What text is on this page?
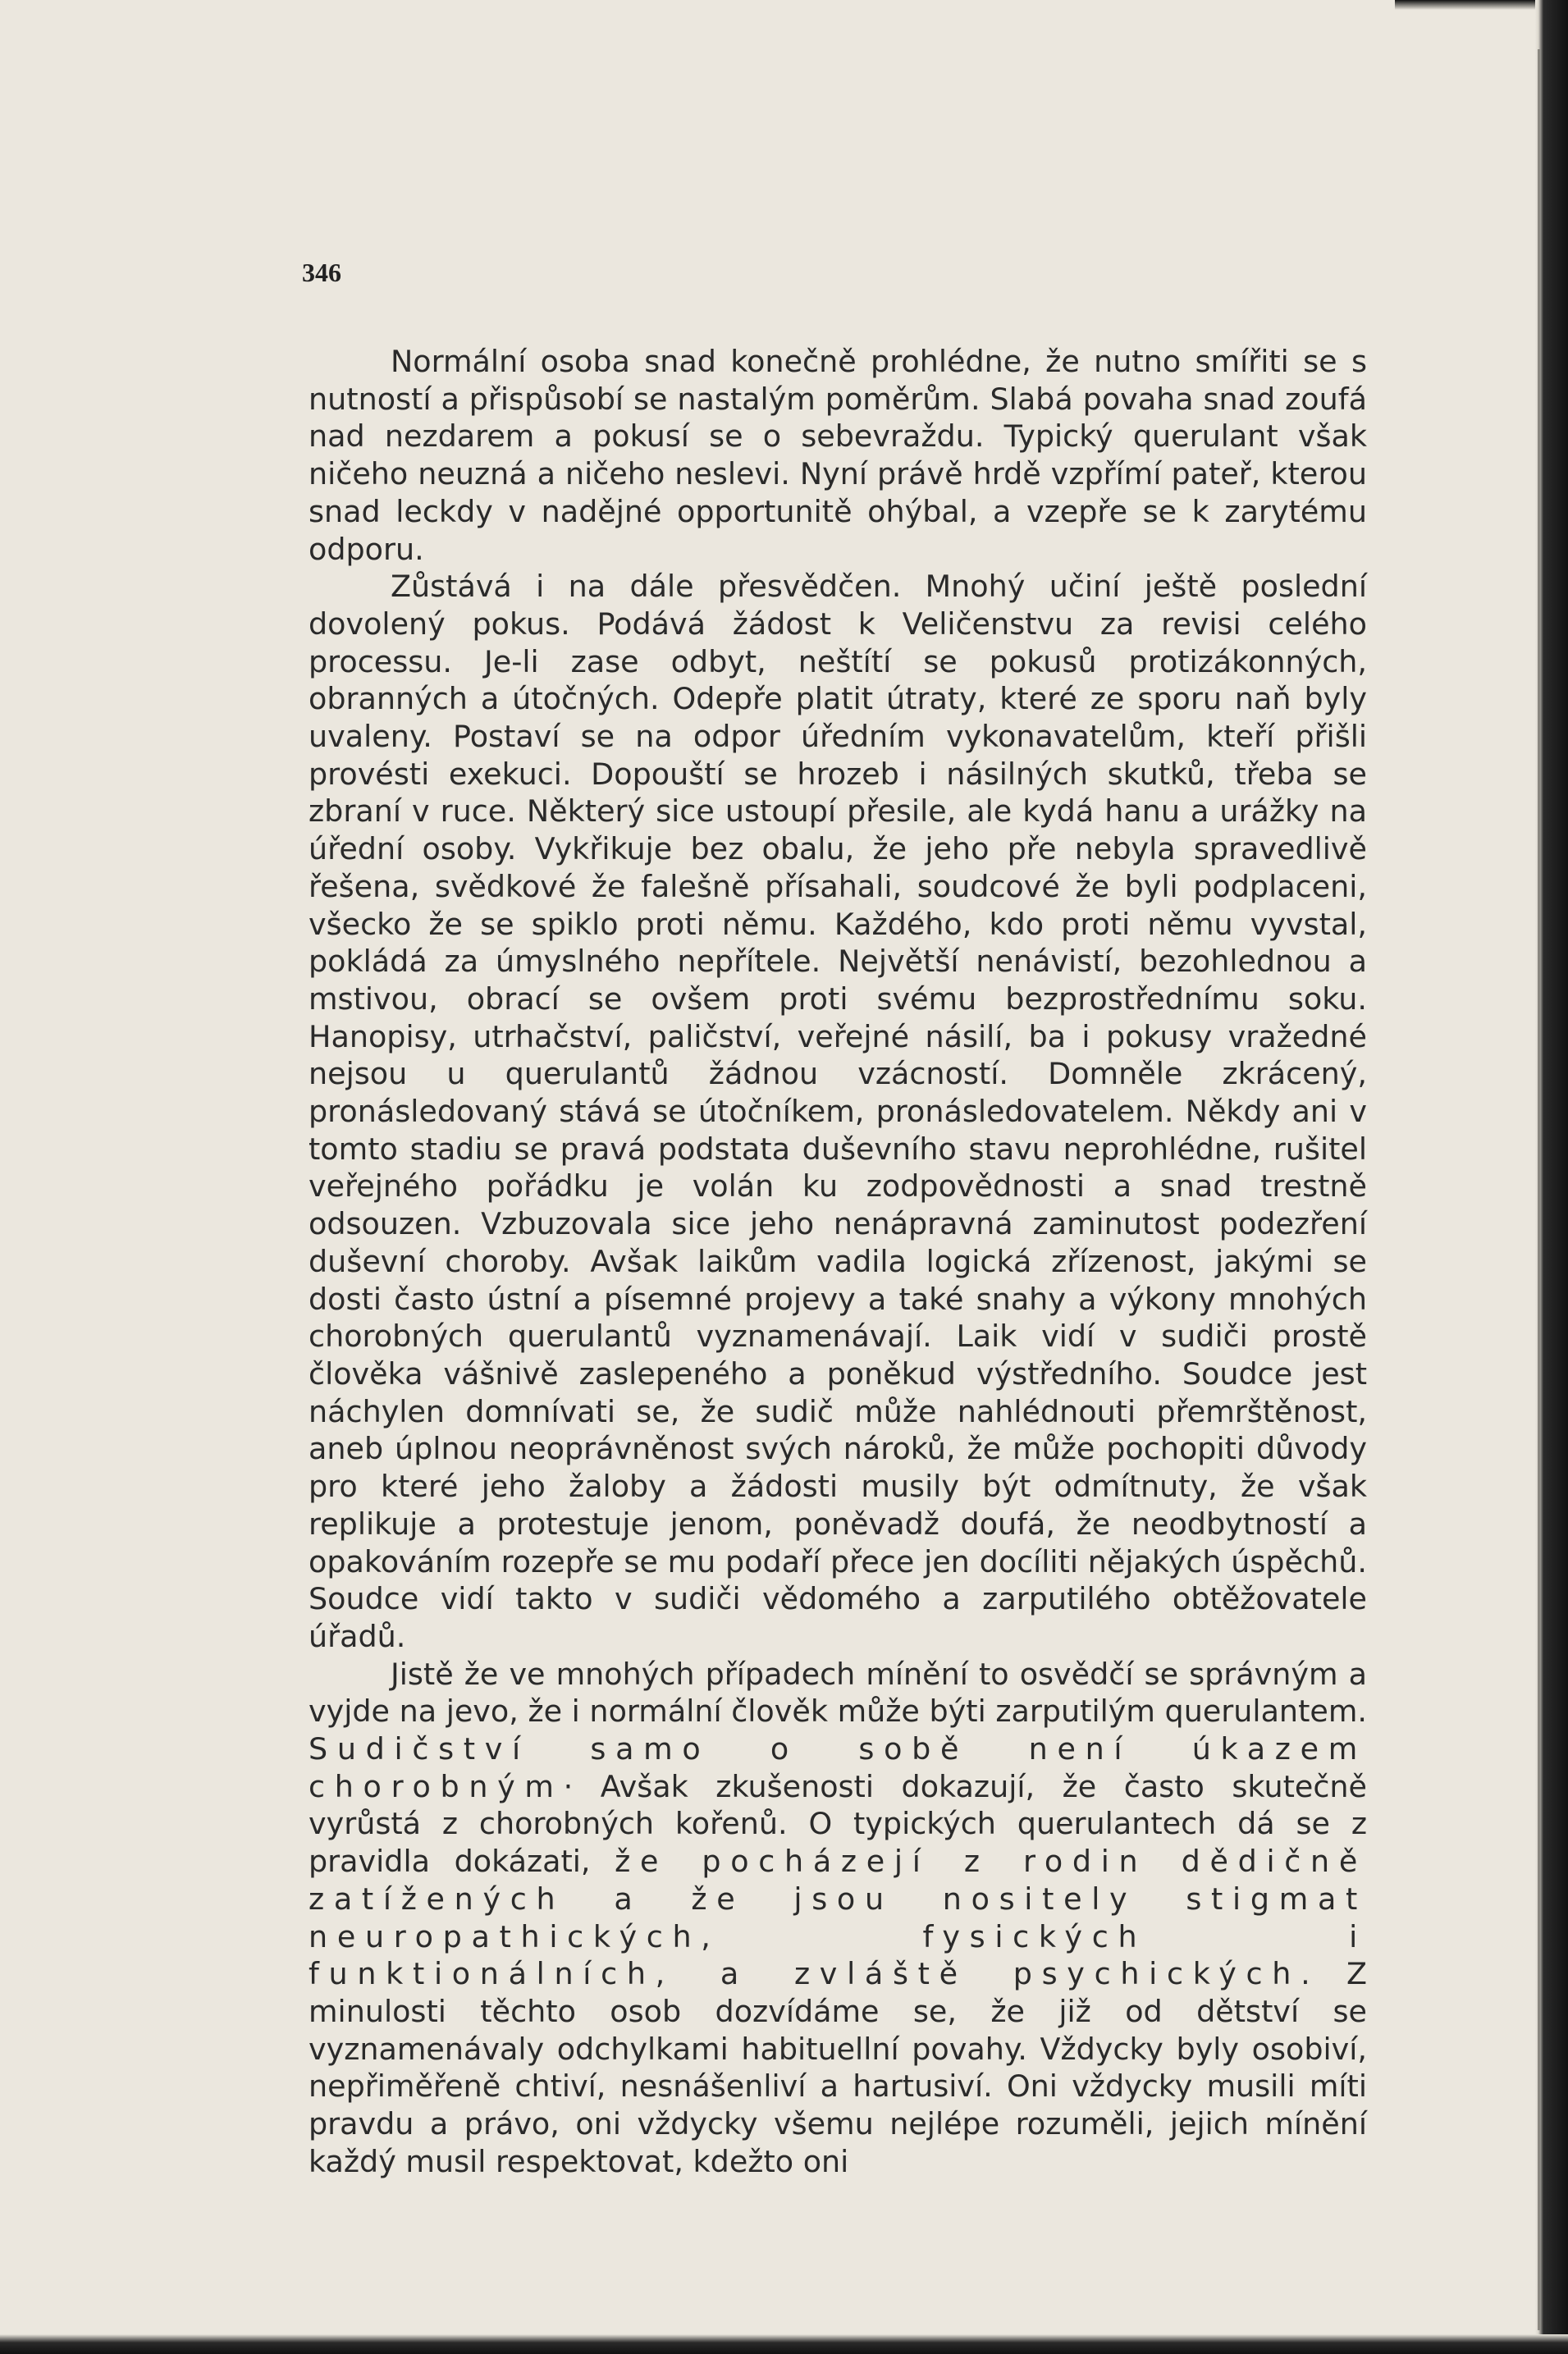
346

Normální osoba snad konečně prohlédne, že nutno smířiti se s nutností a přispůsobí se nastalým poměrům. Slabá povaha snad zoufá nad nezdarem a pokusí se o sebevraždu. Typický querulant však ničeho neuzná a ničeho neslevi. Nyní právě hrdě vzpřímí pateř, kterou snad leckdy v nadějné opportunitě ohýbal, a vzepře se k zarytému odporu.

Zůstává i na dále přesvědčen. Mnohý učiní ještě poslední dovolený pokus. Podává žádost k Veličenstvu za revisi celého processu. Je-li zase odbyt, neštítí se pokusů protizákonných, obranných a útočných. Odepře platit útraty, které ze sporu naň byly uvaleny. Postaví se na odpor úředním vykonavatelům, kteří přišli provésti exekuci. Dopouští se hrozeb i násilných skutků, třeba se zbraní v ruce. Některý sice ustoupí přesile, ale kydá hanu a urážky na úřední osoby. Vykřikuje bez obalu, že jeho pře nebyla spravedlivě řešena, svědkové že falešně přísahali, soudcové že byli podplaceni, všecko že se spiklo proti němu. Každého, kdo proti němu vyvstal, pokládá za úmyslného nepřítele. Největší nenávistí, bezohlednou a mstivou, obrací se ovšem proti svému bezprostřednímu soku. Hanopisy, utrhačství, paličství, veřejné násilí, ba i pokusy vražedné nejsou u querulantů žádnou vzácností. Domněle zkrácený, pronásledovaný stává se útočníkem, pronásledovatelem. Někdy ani v tomto stadiu se pravá podstata duševního stavu neprohlédne, rušitel veřejného pořádku je volán ku zodpovědnosti a snad trestně odsouzen. Vzbuzovala sice jeho nenápravná zaminutost podezření duševní choroby. Avšak laikům vadila logická zřízenost, jakými se dosti často ústní a písemné projevy a také snahy a výkony mnohých chorobných querulantů vyznamenávají. Laik vidí v sudiči prostě člověka vášnivě zaslepeného a poněkud výstředního. Soudce jest náchylen domnívati se, že sudič může nahlédnouti přemrštěnost, aneb úplnou neoprávněnost svých nároků, že může pochopiti důvody pro které jeho žaloby a žádosti musily být odmítnuty, že však replikuje a protestuje jenom, poněvadž doufá, že neodbytností a opakováním rozepře se mu podaří přece jen docíliti nějakých úspěchů. Soudce vidí takto v sudiči vědomého a zarputilého obtěžovatele úřadů.

Jistě že ve mnohých případech mínění to osvědčí se správným a vyjde na jevo, že i normální člověk může býti zarputilým querulantem. Sudičství samo o sobě není úkazem chorobným· Avšak zkušenosti dokazují, že často skutečně vyrůstá z chorobných kořenů. O typických querulantech dá se z pravidla dokázati, že pocházejí z rodin dědičně zatížených a že jsou nositely stigmat neuropathických, fysických i funktionálních, a zvláště psychických. Z minulosti těchto osob dozvídáme se, že již od dětství se vyznamenávaly odchylkami habituellní povahy. Vždycky byly osobiví, nepřiměřeně chtiví, nesnášenliví a hartusiví. Oni vždycky musili míti pravdu a právo, oni vždycky všemu nejlépe rozuměli, jejich mínění každý musil respektovat, kdežto oni
